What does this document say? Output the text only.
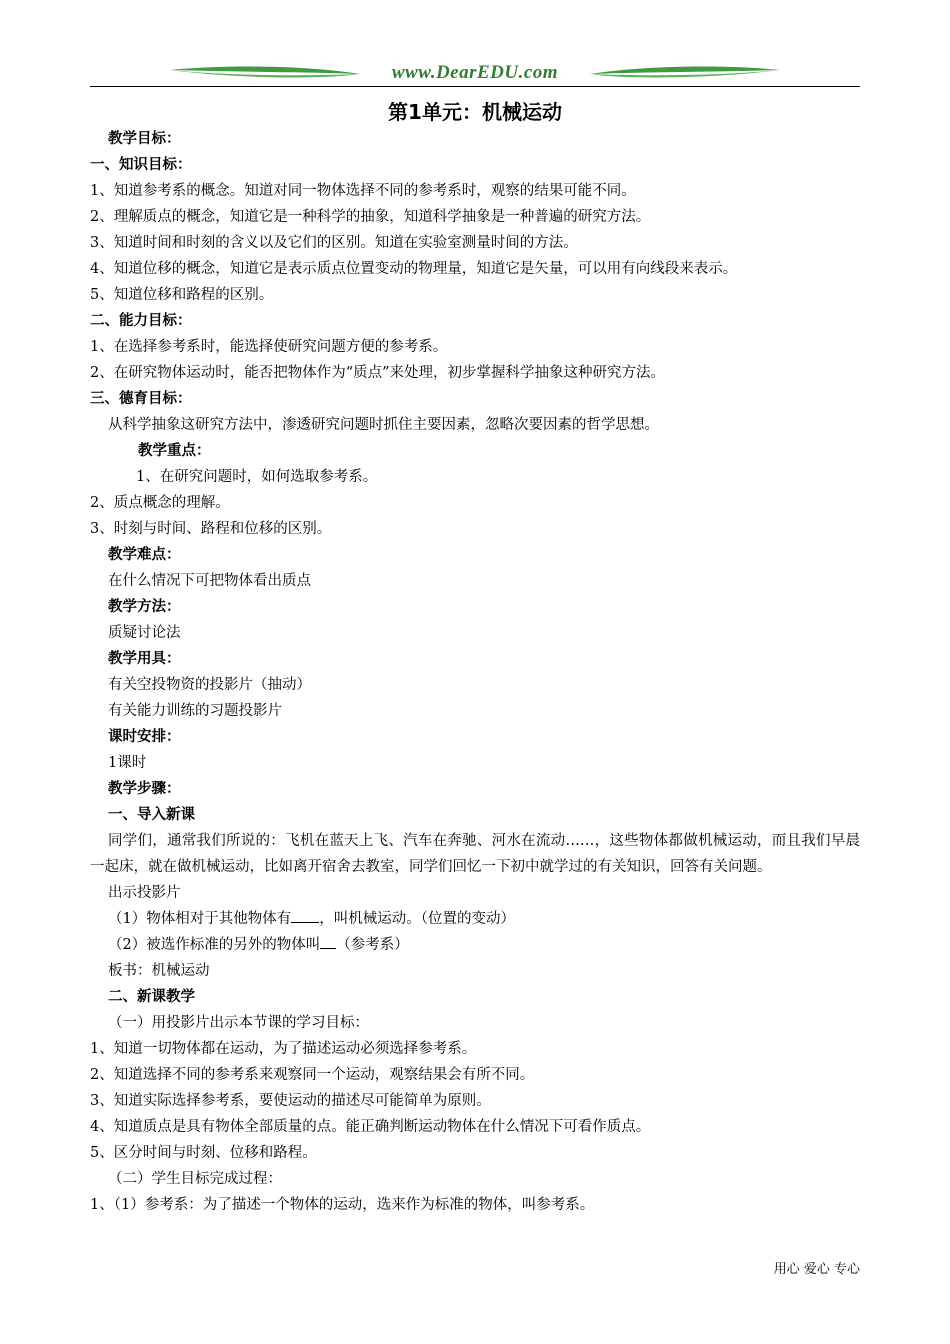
www.DearEDU.com
第1单元：机械运动
教学目标：
一、知识目标：
1、知道参考系的概念。知道对同一物体选择不同的参考系时，观察的结果可能不同。
2、理解质点的概念，知道它是一种科学的抽象，知道科学抽象是一种普遍的研究方法。
3、知道时间和时刻的含义以及它们的区别。知道在实验室测量时间的方法。
4、知道位移的概念，知道它是表示质点位置变动的物理量，知道它是矢量，可以用有向线段来表示。
5、知道位移和路程的区别。
二、能力目标：
1、在选择参考系时，能选择使研究问题方便的参考系。
2、在研究物体运动时，能否把物体作为“质点”来处理，初步掌握科学抽象这种研究方法。
三、德育目标：
从科学抽象这研究方法中，渗透研究问题时抓住主要因素，忽略次要因素的哲学思想。
教学重点：
1、在研究问题时，如何选取参考系。
2、质点概念的理解。
3、时刻与时间、路程和位移的区别。
教学难点：
在什么情况下可把物体看出质点
教学方法：
质疑讨论法
教学用具：
有关空投物资的投影片（抽动）
有关能力训练的习题投影片
课时安排：
1课时
教学步骤：
一、导入新课
同学们，通常我们所说的：飞机在蓝天上飞、汽车在奔驰、河水在流动……，这些物体都做机械运动，而且我们早晨一起床，就在做机械运动，比如离开宿舍去教室，同学们回忆一下初中就学过的有关知识，回答有关问题。
出示投影片
（1）物体相对于其他物体有 ，叫机械运动。（位置的变动）
（2）被选作标准的另外的物体叫 （参考系）
板书：机械运动
二、新课教学
（一）用投影片出示本节课的学习目标：
1、知道一切物体都在运动，为了描述运动必须选择参考系。
2、知道选择不同的参考系来观察同一个运动，观察结果会有所不同。
3、知道实际选择参考系，要使运动的描述尽可能简单为原则。
4、知道质点是具有物体全部质量的点。能正确判断运动物体在什么情况下可看作质点。
5、区分时间与时刻、位移和路程。
（二）学生目标完成过程：
1、（1）参考系：为了描述一个物体的运动，选来作为标准的物体，叫参考系。
用心 爱心 专心
